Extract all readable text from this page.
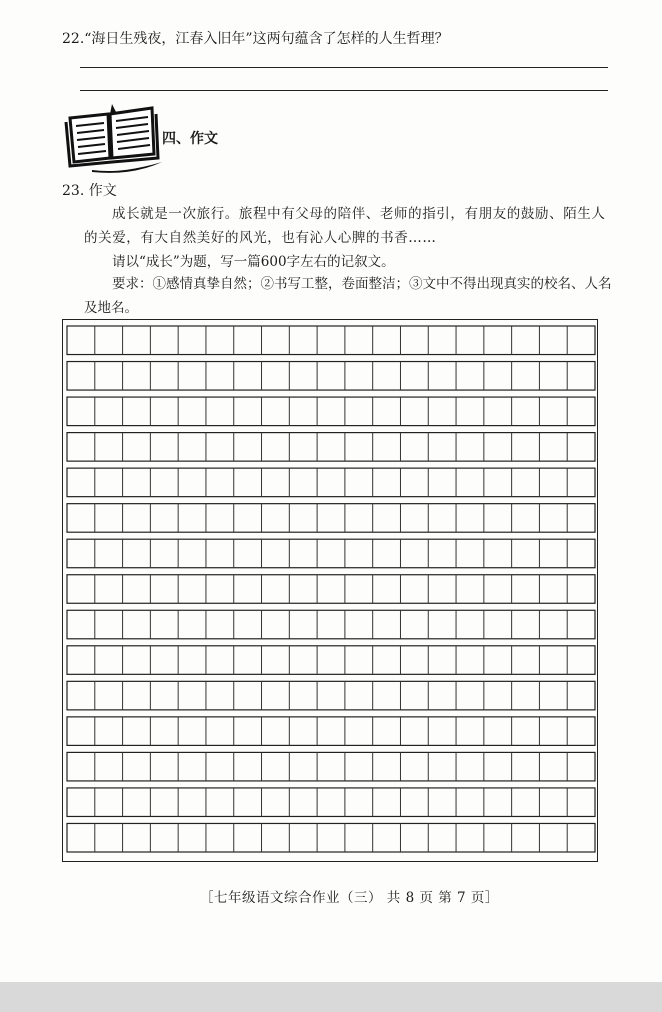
22.“海日生残夜，江春入旧年”这两句蕴含了怎样的人生哲理？
四、作文
23. 作文
成长就是一次旅行。旅程中有父母的陪伴、老师的指引，有朋友的鼓励、陌生人的关爱，有大自然美好的风光，也有沁人心脾的书香……
请以“成长”为题，写一篇600字左右的记叙文。
要求：①感情真挚自然；②书写工整，卷面整洁；③文中不得出现真实的校名、人名及地名。
［七年级语文综合作业（三） 共 8 页 第 7 页］
